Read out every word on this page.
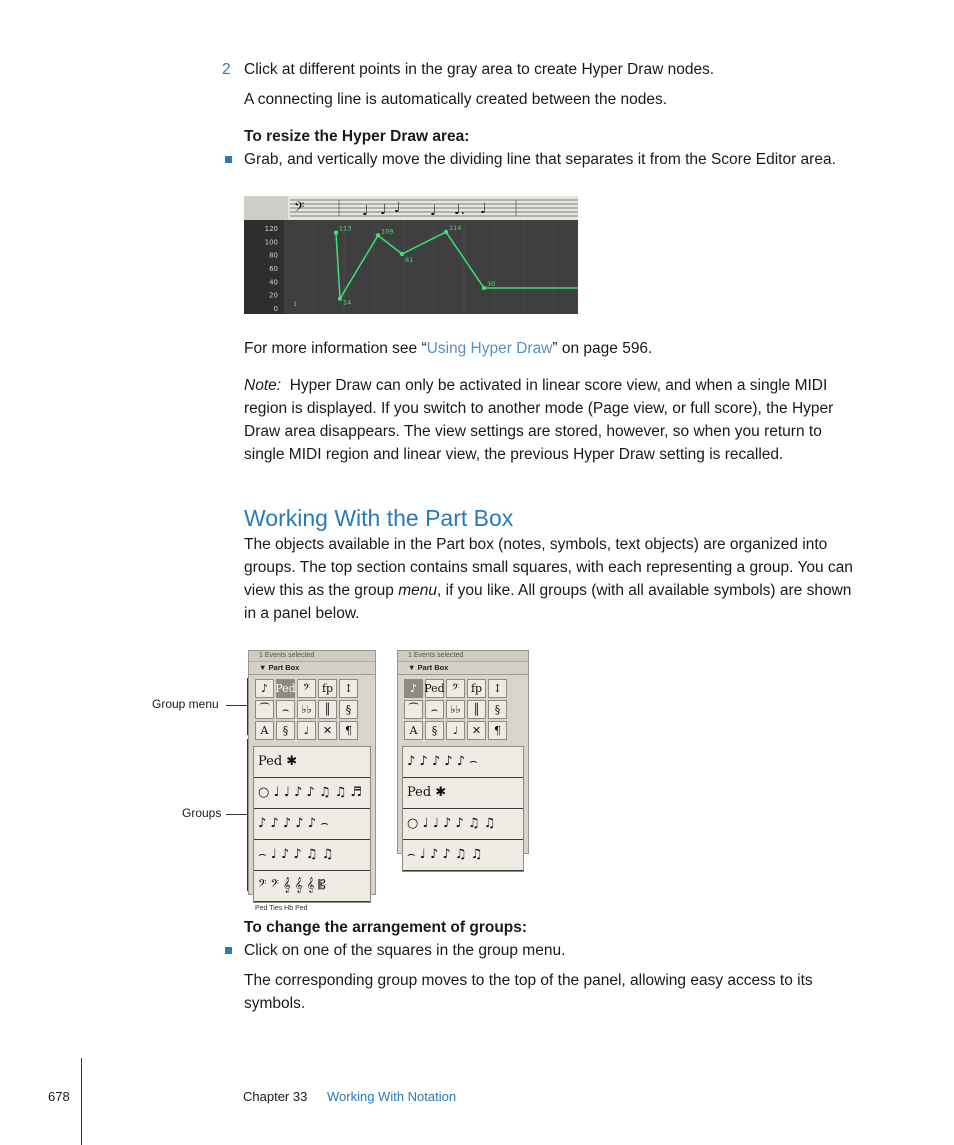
2 Click at different points in the gray area to create Hyper Draw nodes.
A connecting line is automatically created between the nodes.
To resize the Hyper Draw area:
Grab, and vertically move the dividing line that separates it from the Score Editor area.
𝄢	♩ ♩ ♩ ♩ ♩. ♩
120
100
80
60
40
20
0
1
113
14
109
81
114
30
For more information see “Using Hyper Draw” on page 596.
Note: Hyper Draw can only be activated in linear score view, and when a single MIDI region is displayed. If you switch to another mode (Page view, or full score), the Hyper Draw area disappears. The view settings are stored, however, so when you return to single MIDI region and linear view, the previous Hyper Draw setting is recalled.
Working With the Part Box
The objects available in the Part box (notes, symbols, text objects) are organized into groups. The top section contains small squares, with each representing a group. You can view this as the group menu, if you like. All groups (with all available symbols) are shown in a panel below.
Group menu
Groups
1 Events selected
▼ Part Box
♪ Ped 𝄢	fp ↕
⁀	⌢	♭♭	║	§
A	§	♩	✕	¶
Ped ✱
○ ♩ ♩ ♪ ♪ ♫ ♫ ♬
♪ ♪ ♪ ♪ ♪ ⌢
⌢ ♩ ♪ ♪ ♫ ♫
𝄢 𝄢 𝄞 𝄞 𝄞 𝄡
Ped Ties Hb Ped
1 Events selected
▼ Part Box
♪ Ped 𝄢	fp ↕
⁀	⌢	♭♭	║	§
A	§	♩	✕	¶
♪ ♪ ♪ ♪ ♪ ⌢
Ped ✱
○ ♩ ♩ ♪ ♪ ♫ ♫
⌢ ♩ ♪ ♪ ♫ ♫
To change the arrangement of groups:
Click on one of the squares in the group menu.
The corresponding group moves to the top of the panel, allowing easy access to its symbols.
678	Chapter 33 Working With Notation
